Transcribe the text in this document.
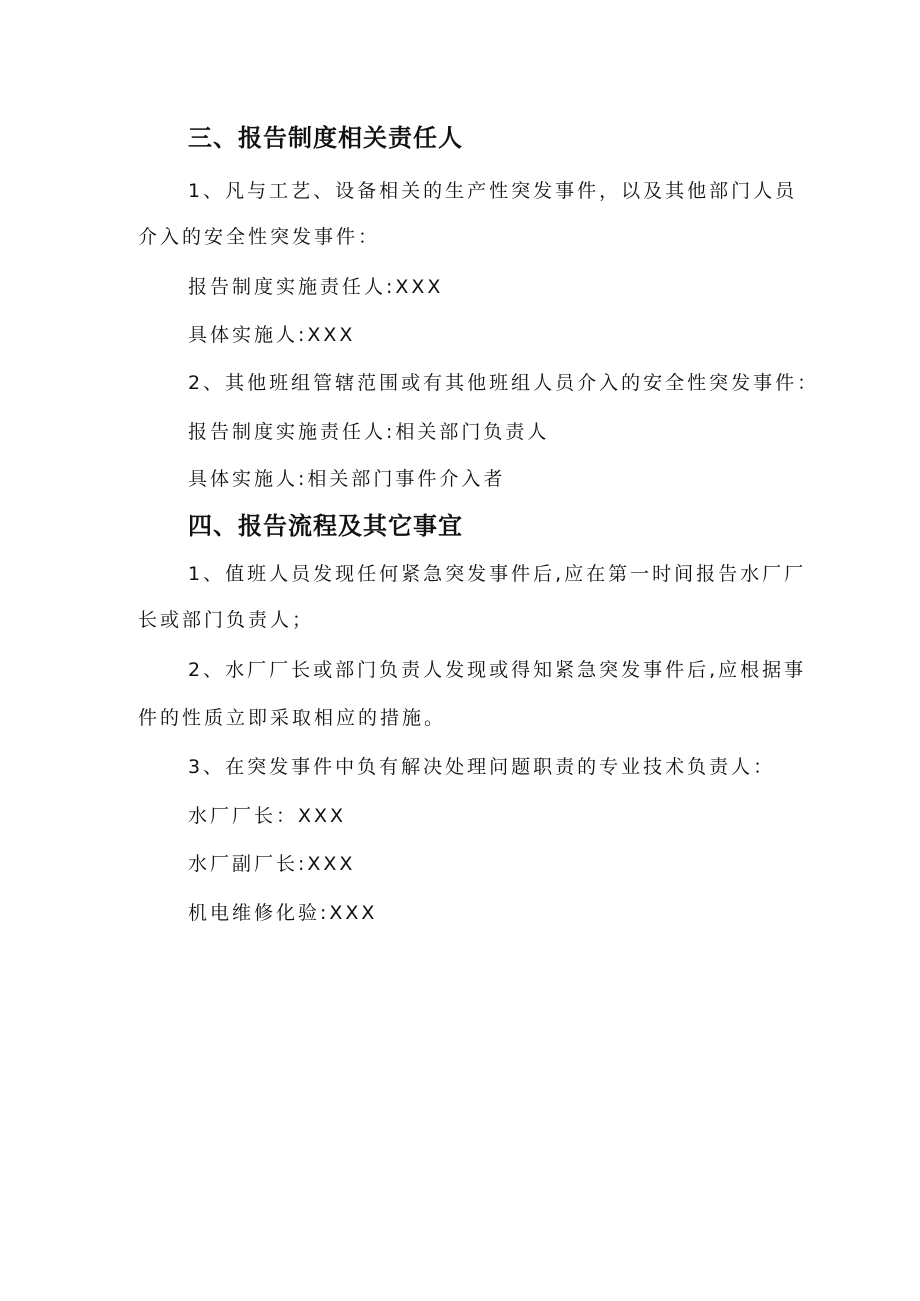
三、报告制度相关责任人
1、凡与工艺、设备相关的生产性突发事件，以及其他部门人员
介入的安全性突发事件：
报告制度实施责任人:XXX
具体实施人:XXX
2、其他班组管辖范围或有其他班组人员介入的安全性突发事件：
报告制度实施责任人:相关部门负责人
具体实施人:相关部门事件介入者
四、报告流程及其它事宜
1、值班人员发现任何紧急突发事件后,应在第一时间报告水厂厂
长或部门负责人；
2、水厂厂长或部门负责人发现或得知紧急突发事件后,应根据事
件的性质立即采取相应的措施。
3、在突发事件中负有解决处理问题职责的专业技术负责人：
水厂厂长：XXX
水厂副厂长:XXX
机电维修化验:XXX
